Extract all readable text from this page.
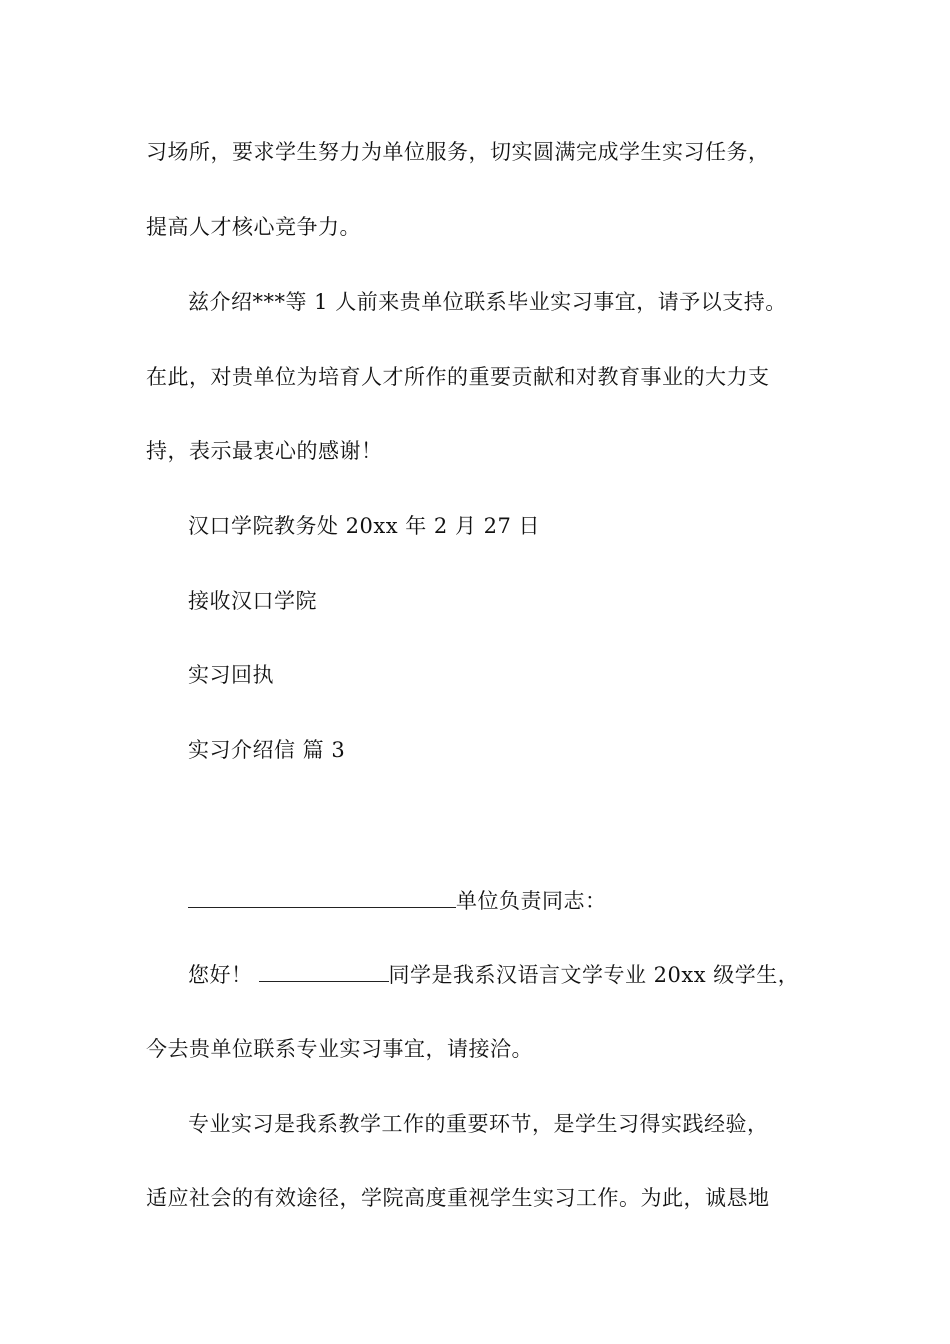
习场所，要求学生努力为单位服务，切实圆满完成学生实习任务，
提高人才核心竞争力。
兹介绍***等 1 人前来贵单位联系毕业实习事宜，请予以支持。
在此，对贵单位为培育人才所作的重要贡献和对教育事业的大力支
持，表示最衷心的感谢！
汉口学院教务处 20xx 年 2 月 27 日
接收汉口学院
实习回执
实习介绍信 篇 3
单位负责同志：
您好！	同学是我系汉语言文学专业 20xx 级学生，
今去贵单位联系专业实习事宜，请接洽。
专业实习是我系教学工作的重要环节，是学生习得实践经验，
适应社会的有效途径，学院高度重视学生实习工作。为此，诚恳地
